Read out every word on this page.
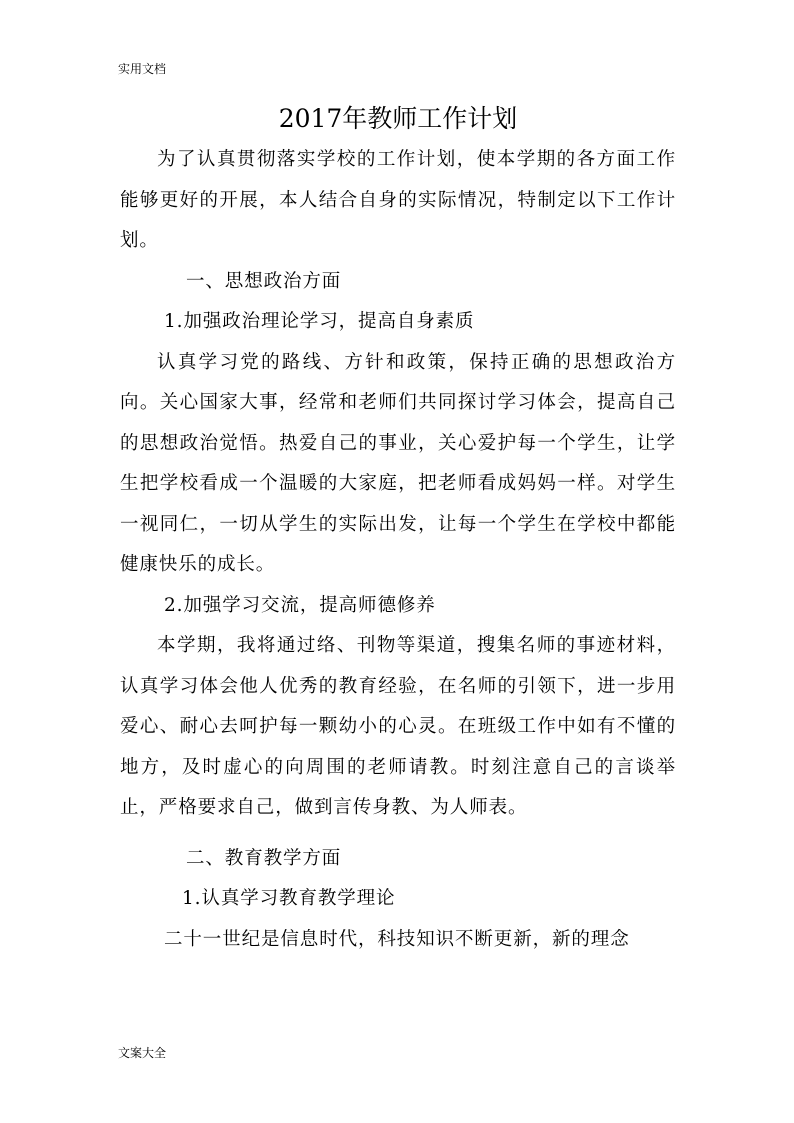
实用文档
2017年教师工作计划

为了认真贯彻落实学校的工作计划，使本学期的各方面工作能够更好的开展，本人结合自身的实际情况，特制定以下工作计划。

一、思想政治方面

1.加强政治理论学习，提高自身素质

认真学习党的路线、方针和政策，保持正确的思想政治方向。关心国家大事，经常和老师们共同探讨学习体会，提高自己的思想政治觉悟。热爱自己的事业，关心爱护每一个学生，让学生把学校看成一个温暖的大家庭，把老师看成妈妈一样。对学生一视同仁，一切从学生的实际出发，让每一个学生在学校中都能健康快乐的成长。

2.加强学习交流，提高师德修养

本学期，我将通过络、刊物等渠道，搜集名师的事迹材料，认真学习体会他人优秀的教育经验，在名师的引领下，进一步用爱心、耐心去呵护每一颗幼小的心灵。在班级工作中如有不懂的地方，及时虚心的向周围的老师请教。时刻注意自己的言谈举止，严格要求自己，做到言传身教、为人师表。

二、教育教学方面

1.认真学习教育教学理论

二十一世纪是信息时代，科技知识不断更新，新的理念

文案大全
